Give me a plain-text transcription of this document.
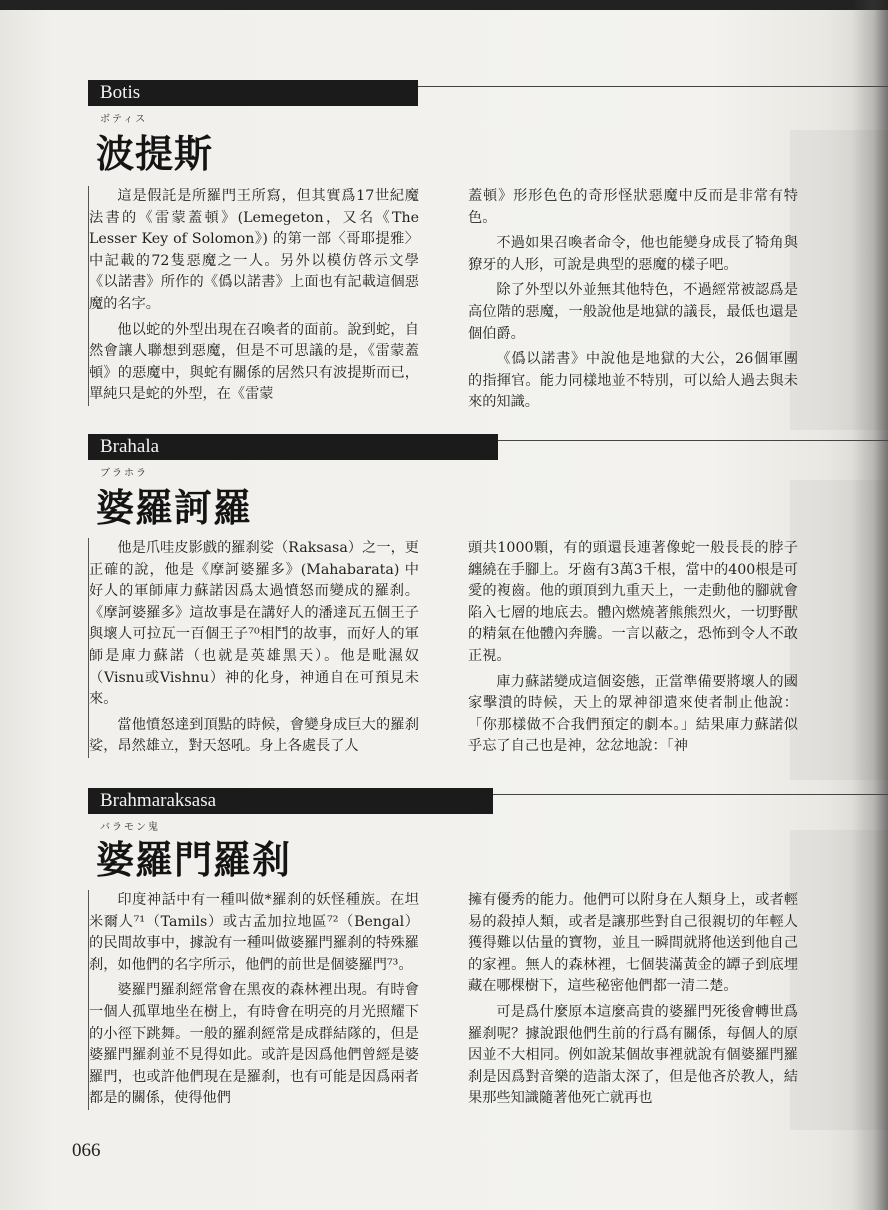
Botis
ボティス
波提斯

這是假託是所羅門王所寫，但其實爲17世紀魔法書的《雷蒙蓋頓》(Lemegeton，又名《The Lesser Key of Solomon》) 的第一部〈哥耶提雅〉中記載的72隻惡魔之一人。另外以模仿啓示文學《以諾書》所作的《僞以諾書》上面也有記載這個惡魔的名字。

他以蛇的外型出現在召喚者的面前。說到蛇，自然會讓人聯想到惡魔，但是不可思議的是，《雷蒙蓋頓》的惡魔中，與蛇有關係的居然只有波提斯而已，單純只是蛇的外型，在《雷蒙

蓋頓》形形色色的奇形怪狀惡魔中反而是非常有特色。

不過如果召喚者命令，他也能變身成長了犄角與獠牙的人形，可說是典型的惡魔的樣子吧。

除了外型以外並無其他特色，不過經常被認爲是高位階的惡魔，一般說他是地獄的議長，最低也還是個伯爵。

《僞以諾書》中說他是地獄的大公，26個軍團的指揮官。能力同樣地並不特別，可以給人過去與未來的知識。

Brahala
ブラホラ
婆羅訶羅

他是爪哇皮影戲的羅刹娑（Raksasa）之一，更正確的說，他是《摩訶婆羅多》(Mahabarata) 中好人的軍師庫力蘇諾因爲太過憤怒而變成的羅刹。《摩訶婆羅多》這故事是在講好人的潘達瓦五個王子與壞人可拉瓦一百個王子⁷⁰相鬥的故事，而好人的軍師是庫力蘇諾（也就是英雄黑天）。他是毗濕奴（Visnu或Vishnu）神的化身，神通自在可預見未來。

當他憤怒達到頂點的時候，會變身成巨大的羅刹娑，昂然雄立，對天怒吼。身上各處長了人

頭共1000顆，有的頭還長連著像蛇一般長長的脖子纏繞在手腳上。牙齒有3萬3千根，當中的400根是可愛的複齒。他的頭頂到九重天上，一走動他的腳就會陷入七層的地底去。體內燃燒著熊熊烈火，一切野獸的精氣在他體內奔騰。一言以蔽之，恐怖到令人不敢正視。

庫力蘇諾變成這個姿態，正當準備要將壞人的國家擊潰的時候，天上的眾神卻遣來使者制止他說：「你那樣做不合我們預定的劇本。」結果庫力蘇諾似乎忘了自己也是神，忿忿地說：「神

Brahmaraksasa
バラモン鬼
婆羅門羅刹

印度神話中有一種叫做*羅刹的妖怪種族。在坦米爾人⁷¹（Tamils）或古孟加拉地區⁷²（Bengal）的民間故事中，據說有一種叫做婆羅門羅刹的特殊羅刹，如他們的名字所示，他們的前世是個婆羅門⁷³。

婆羅門羅刹經常會在黑夜的森林裡出現。有時會一個人孤單地坐在樹上，有時會在明亮的月光照耀下的小徑下跳舞。一般的羅刹經常是成群結隊的，但是婆羅門羅刹並不見得如此。或許是因爲他們曾經是婆羅門，也或許他們現在是羅刹，也有可能是因爲兩者都是的關係，使得他們

擁有優秀的能力。他們可以附身在人類身上，或者輕易的殺掉人類，或者是讓那些對自己很親切的年輕人獲得難以估量的寶物，並且一瞬間就將他送到他自己的家裡。無人的森林裡，七個裝滿黃金的罈子到底埋藏在哪棵樹下，這些秘密他們都一清二楚。

可是爲什麼原本這麼高貴的婆羅門死後會轉世爲羅刹呢？據說跟他們生前的行爲有關係，每個人的原因並不大相同。例如說某個故事裡就說有個婆羅門羅刹是因爲對音樂的造詣太深了，但是他吝於教人，結果那些知識隨著他死亡就再也

066
